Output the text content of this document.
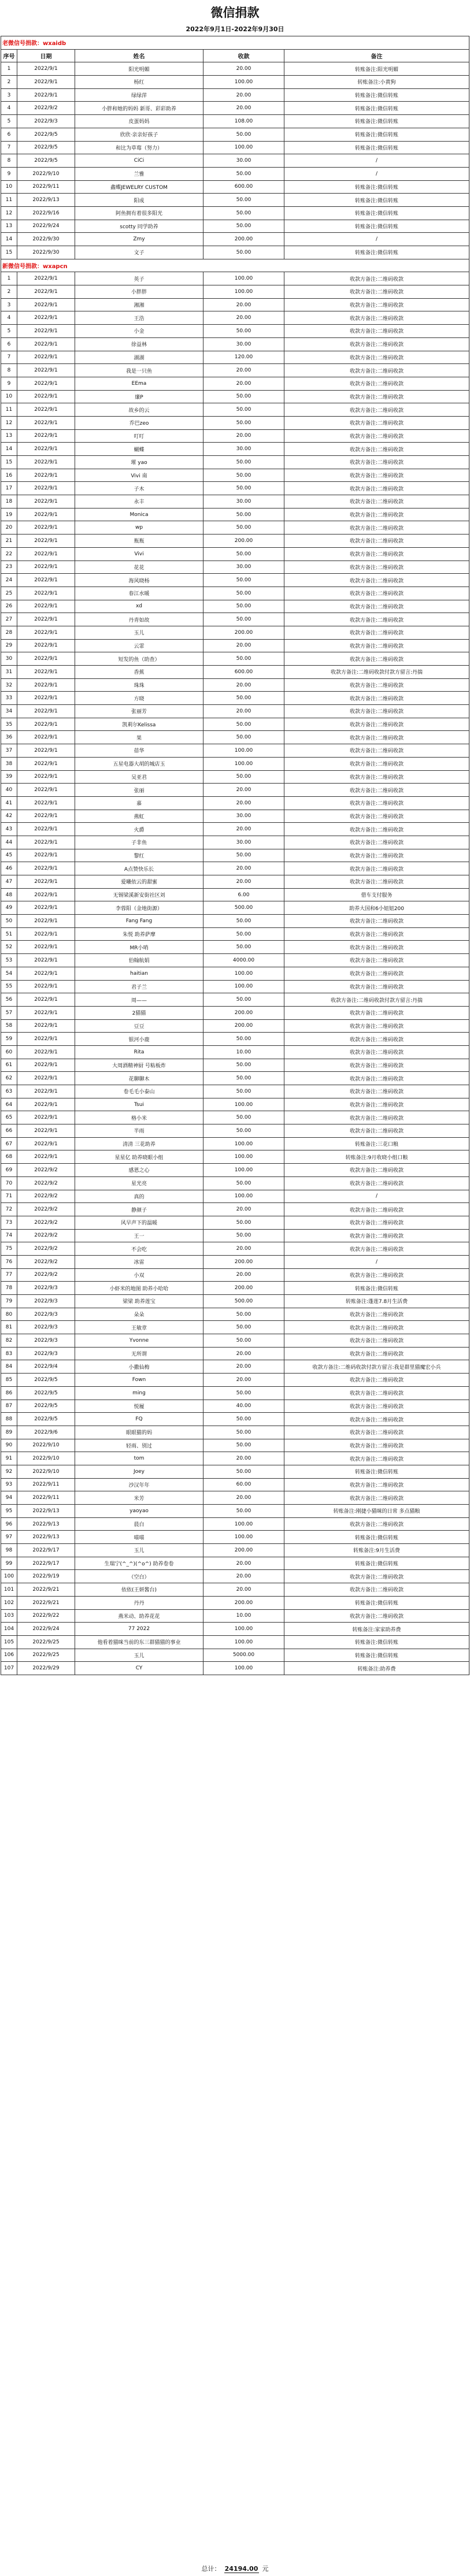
微信捐款
2022年9月1日-2022年9月30日
老微信号捐款：wxaidb				
序号	日期	姓名	收款	备注
1	2022/9/1	阳光明媚	20.00	转账备注:阳光明媚
2	2022/9/1	杨红	100.00	转账备注:小黄狗
3	2022/9/1	绿绿萍	20.00	转账备注:微信转账
4	2022/9/2	小胖和她的妈妈 新哥、彩彩助养	20.00	转账备注:微信转账
5	2022/9/3	皮蛋妈妈	108.00	转账备注:微信转账
6	2022/9/5	欣欣·亲亲好孩子	50.00	转账备注:微信转账
7	2022/9/5	和比为草莓（努力）	100.00	转账备注:微信转账
8	2022/9/5	CiCi	30.00	/
9	2022/9/10	兰雅	50.00	/
10	2022/9/11	鑫蝶JEWELRY CUSTOM	600.00	转账备注:微信转账
11	2022/9/13	阳成	50.00	转账备注:微信转账
12	2022/9/16	阿鱼拥有着很多阳光	50.00	转账备注:微信转账
13	2022/9/24	scotty 同学助养	50.00	转账备注:微信转账
14	2022/9/30	Zmy	200.00	/
15	2022/9/30	文子	50.00	转账备注:微信转账
新微信号捐款：wxapcn				
1	2022/9/1	英子	100.00	收款方备注:二维码收款
2	2022/9/1	小胖胖	100.00	收款方备注:二维码收款
3	2022/9/1	湘湘	20.00	收款方备注:二维码收款
4	2022/9/1	王浩	20.00	收款方备注:二维码收款
5	2022/9/1	小金	50.00	收款方备注:二维码收款
6	2022/9/1	徐益林	30.00	收款方备注:二维码收款
7	2022/9/1	湖湖	120.00	收款方备注:二维码收款
8	2022/9/1	我是一只鱼	20.00	收款方备注:二维码收款
9	2022/9/1	EEma	20.00	收款方备注:二维码收款
10	2022/9/1	廉P	50.00	收款方备注:二维码收款
11	2022/9/1	故乡的云	50.00	收款方备注:二维码收款
12	2022/9/1	乔巴zeo	50.00	收款方备注:二维码收款
13	2022/9/1	叮叮	20.00	收款方备注:二维码收款
14	2022/9/1	蝴蝶	30.00	收款方备注:二维码收款
15	2022/9/1	璀 yao	50.00	收款方备注:二维码收款
16	2022/9/1	Vivi 南	50.00	收款方备注:二维码收款
17	2022/9/1	子木	50.00	收款方备注:二维码收款
18	2022/9/1	永丰	30.00	收款方备注:二维码收款
19	2022/9/1	Monica	50.00	收款方备注:二维码收款
20	2022/9/1	wp	50.00	收款方备注:二维码收款
21	2022/9/1	瓶瓶	200.00	收款方备注:二维码收款
22	2022/9/1	Vivi	50.00	收款方备注:二维码收款
23	2022/9/1	花花	30.00	收款方备注:二维码收款
24	2022/9/1	海风晓杨	50.00	收款方备注:二维码收款
25	2022/9/1	春江水暖	50.00	收款方备注:二维码收款
26	2022/9/1	xd	50.00	收款方备注:二维码收款
27	2022/9/1	丹青如故	50.00	收款方备注:二维码收款
28	2022/9/1	玉儿	200.00	收款方备注:二维码收款
29	2022/9/1	云霏	20.00	收款方备注:二维码收款
30	2022/9/1	短发的鱼（助查）	50.00	收款方备注:二维码收款
31	2022/9/1	香蕉	600.00	收款方备注:二维码收款付款方留言:丹揣
32	2022/9/1	珠珠	20.00	收款方备注:二维码收款
33	2022/9/1	方晓	50.00	收款方备注:二维码收款
34	2022/9/1	张丽芳	20.00	收款方备注:二维码收款
35	2022/9/1	凯莉尔Kelissa	50.00	收款方备注:二维码收款
36	2022/9/1	果	50.00	收款方备注:二维码收款
37	2022/9/1	蓓华	100.00	收款方备注:二维码收款
38	2022/9/1	五星电器大胡的城店玉	100.00	收款方备注:二维码收款
39	2022/9/1	吴亚君	50.00	收款方备注:二维码收款
40	2022/9/1	张丽	20.00	收款方备注:二维码收款
41	2022/9/1	嘉	20.00	收款方备注:二维码收款
42	2022/9/1	燕虹	30.00	收款方备注:二维码收款
43	2022/9/1	火爵	20.00	收款方备注:二维码收款
44	2022/9/1	子非鱼	30.00	收款方备注:二维码收款
45	2022/9/1	黎红	50.00	收款方备注:二维码收款
46	2022/9/1	A点赞快乐长	20.00	收款方备注:二维码收款
47	2022/9/1	爱曦依云的甜蜜	20.00	收款方备注:二维码收款
48	2022/9/1	无锡梁溪新安街社区刘	6.00	借车支付服务
49	2022/9/1	李蓉阳（金地街源）	500.00	助养大国和6小妞妞200
50	2022/9/1	Fang Fang	50.00	收款方备注:二维码收款
51	2022/9/1	朱悦 助养萨摩	50.00	收款方备注:二维码收款
52	2022/9/1	MR小哨	50.00	收款方备注:二维码收款
53	2022/9/1	伯翰航娟	4000.00	收款方备注:二维码收款
54	2022/9/1	haitian	100.00	收款方备注:二维码收款
55	2022/9/1	君子兰	100.00	收款方备注:二维码收款
56	2022/9/1	周——	50.00	收款方备注:二维码收款付款方留言:丹揣
57	2022/9/1	2猫猫	200.00	收款方备注:二维码收款
58	2022/9/1	豆豆	200.00	收款方备注:二维码收款
59	2022/9/1	银河小鹿	50.00	收款方备注:二维码收款
60	2022/9/1	Rita	10.00	收款方备注:二维码收款
61	2022/9/1	大周酒精神厨 号粘板炸	50.00	收款方备注:二维码收款
62	2022/9/1	花聊聊木	50.00	收款方备注:二维码收款
63	2022/9/1	卷毛毛小泰山	50.00	收款方备注:二维码收款
64	2022/9/1	Tsui	100.00	收款方备注:二维码收款
65	2022/9/1	格小米	50.00	收款方备注:二维码收款
66	2022/9/1	半雨	50.00	收款方备注:二维码收款
67	2022/9/1	清清 三花助养	100.00	转账备注:三花口粮
68	2022/9/1	星星亿 助养晓眼小组	100.00	转账备注:9月收晓小组口粮
69	2022/9/2	感恩之心	100.00	收款方备注:二维码收款
70	2022/9/2	星光亮	50.00	收款方备注:二维码收款
71	2022/9/2	真的	100.00	/
72	2022/9/2	静颜子	20.00	收款方备注:二维码收款
73	2022/9/2	风早声下的温暖	50.00	收款方备注:二维码收款
74	2022/9/2	王一	50.00	收款方备注:二维码收款
75	2022/9/2	不会吃	20.00	收款方备注:二维码收款
76	2022/9/2	冰雷	200.00	/
77	2022/9/2	小双	20.00	收款方备注:二维码收款
78	2022/9/3	小虾米的地图 助养小哈哈	200.00	转账备注:微信转账
79	2022/9/3	梁梁 助养莲宝	500.00	转账备注:蓬莲7.8月生活费
80	2022/9/3	朵朵	50.00	收款方备注:二维码收款
81	2022/9/3	王敏章	50.00	收款方备注:二维码收款
82	2022/9/3	Yvonne	50.00	收款方备注:二维码收款
83	2022/9/3	无所谓	20.00	收款方备注:二维码收款
84	2022/9/4	小撒仙梅	20.00	收款方备注:二维码收款付款方留言:我是群里猫魔宏小兵
85	2022/9/5	Fown	20.00	收款方备注:二维码收款
86	2022/9/5	ming	50.00	收款方备注:二维码收款
87	2022/9/5	悦履	40.00	收款方备注:二维码收款
88	2022/9/5	FQ	50.00	收款方备注:二维码收款
89	2022/9/6	眼眼猫的妈	50.00	收款方备注:二维码收款
90	2022/9/10	轻雨、别过	50.00	收款方备注:二维码收款
91	2022/9/10	tom	20.00	收款方备注:二维码收款
92	2022/9/10	Joey	50.00	转账备注:微信转账
93	2022/9/11	沙汉年年	60.00	收款方备注:二维码收款
94	2022/9/11	米芳	20.00	收款方备注:二维码收款
95	2022/9/13	yaoyao	50.00	转账备注:刚捷小猫咪的日常 多点猫粮
96	2022/9/13	晨白	100.00	收款方备注:二维码收款
97	2022/9/13	喵喵	100.00	转账备注:微信转账
98	2022/9/17	玉儿	200.00	转账备注:9月生活费
99	2022/9/17	生瑞宁(^_^)(^o^) 助养卷卷	20.00	转账备注:微信转账
100	2022/9/19	（空白）	20.00	收款方备注:二维码收款
101	2022/9/21	依依(王妍酱台)	20.00	收款方备注:二维码收款
102	2022/9/21	丹丹	200.00	转账备注:微信转账
103	2022/9/22	燕米动、助养花花	10.00	收款方备注:二维码收款
104	2022/9/24	77 2022	100.00	转账备注:家家助养费
105	2022/9/25	他看着猫咪当前的东三群猫猫的事业	100.00	转账备注:微信转账
106	2022/9/25	玉儿	5000.00	转账备注:微信转账
107	2022/9/29	CY	100.00	转账备注:助养费
总计： 24194.00 元
